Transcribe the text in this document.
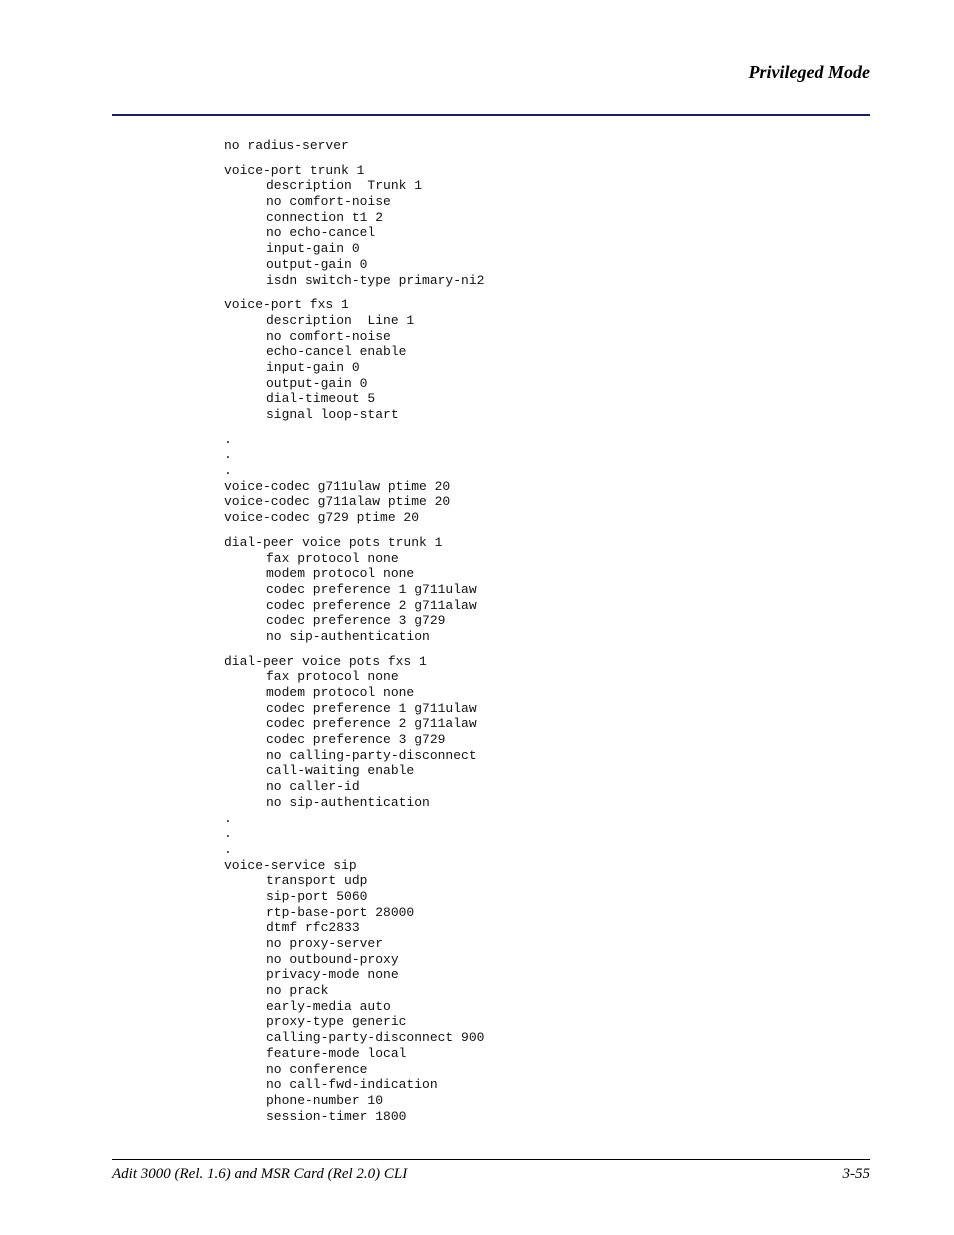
Privileged Mode
no radius-server
voice-port trunk 1
description  Trunk 1
no comfort-noise
connection t1 2
no echo-cancel
input-gain 0
output-gain 0
isdn switch-type primary-ni2
voice-port fxs 1
description  Line 1
no comfort-noise
echo-cancel enable
input-gain 0
output-gain 0
dial-timeout 5
signal loop-start
.
.
.
voice-codec g711ulaw ptime 20
voice-codec g711alaw ptime 20
voice-codec g729 ptime 20
dial-peer voice pots trunk 1
fax protocol none
modem protocol none
codec preference 1 g711ulaw
codec preference 2 g711alaw
codec preference 3 g729
no sip-authentication
dial-peer voice pots fxs 1
fax protocol none
modem protocol none
codec preference 1 g711ulaw
codec preference 2 g711alaw
codec preference 3 g729
no calling-party-disconnect
call-waiting enable
no caller-id
no sip-authentication
.
.
.
voice-service sip
transport udp
sip-port 5060
rtp-base-port 28000
dtmf rfc2833
no proxy-server
no outbound-proxy
privacy-mode none
no prack
early-media auto
proxy-type generic
calling-party-disconnect 900
feature-mode local
no conference
no call-fwd-indication
phone-number 10
session-timer 1800
Adit 3000 (Rel. 1.6) and MSR Card (Rel 2.0) CLI	3-55
